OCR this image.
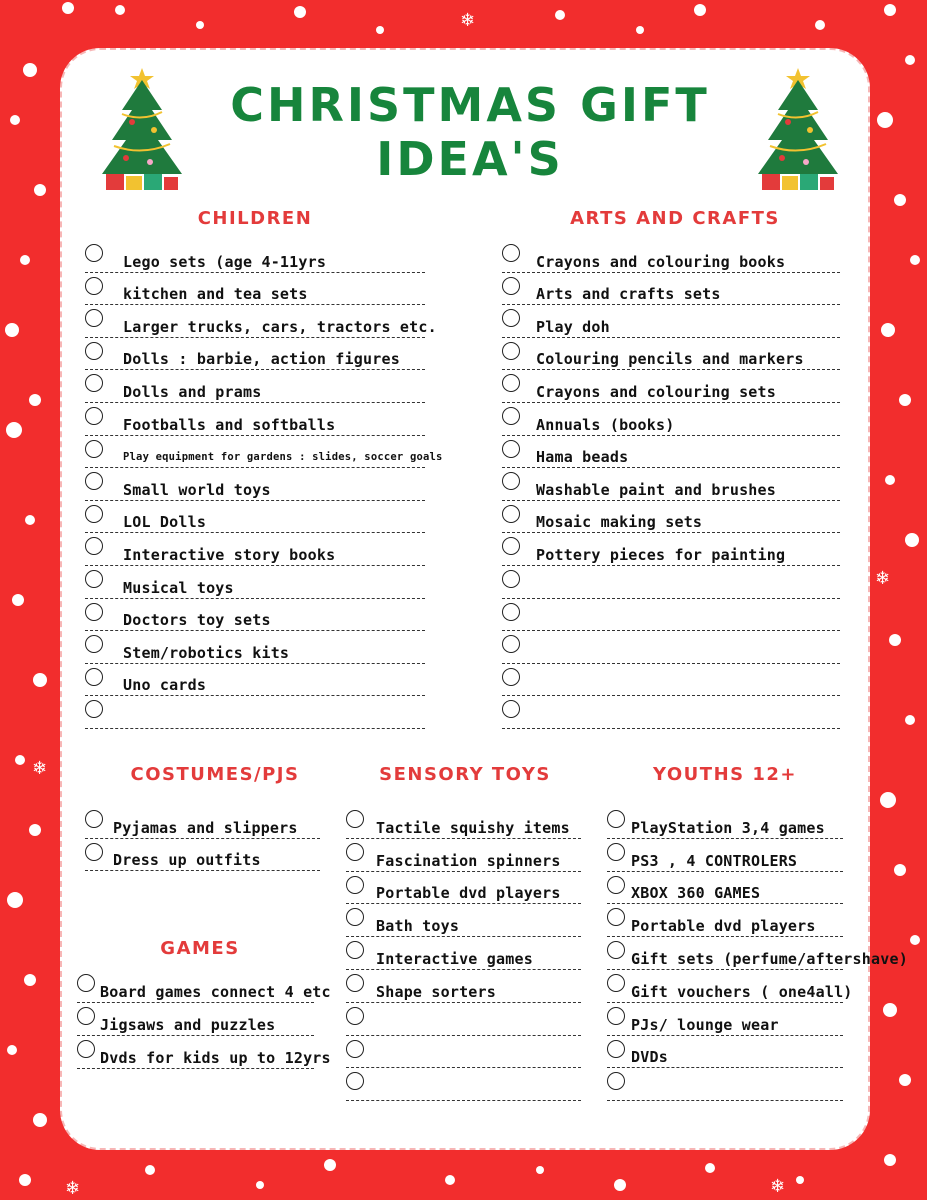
❄
❄
❄
❄
❄
CHRISTMAS GIFT
IDEA'S
CHILDREN	ARTS AND CRAFTS
COSTUMES/PJS	SENSORY TOYS	YOUTHS 12+
GAMES
Lego sets (age 4-11yrs
kitchen and tea sets
Larger trucks, cars, tractors etc.
Dolls : barbie, action figures
Dolls and prams
Footballs and softballs
Play equipment for gardens : slides, soccer goals
Small world toys
LOL Dolls
Interactive story books
Musical toys
Doctors toy sets
Stem/robotics kits
Uno cards
Crayons and colouring books
Arts and crafts sets
Play doh
Colouring pencils and markers
Crayons and colouring sets
Annuals (books)
Hama beads
Washable paint and brushes
Mosaic making sets
Pottery pieces for painting
Pyjamas and slippers
Dress up outfits
Board games connect 4 etc
Jigsaws and puzzles
Dvds for kids up to 12yrs
Tactile squishy items
Fascination spinners
Portable dvd players
Bath toys
Interactive games
Shape sorters
PlayStation 3,4 games
PS3 , 4 CONTROLERS
XBOX 360 GAMES
Portable dvd players
Gift sets (perfume/aftershave)
Gift vouchers ( one4all)
PJs/ lounge wear
DVDs
